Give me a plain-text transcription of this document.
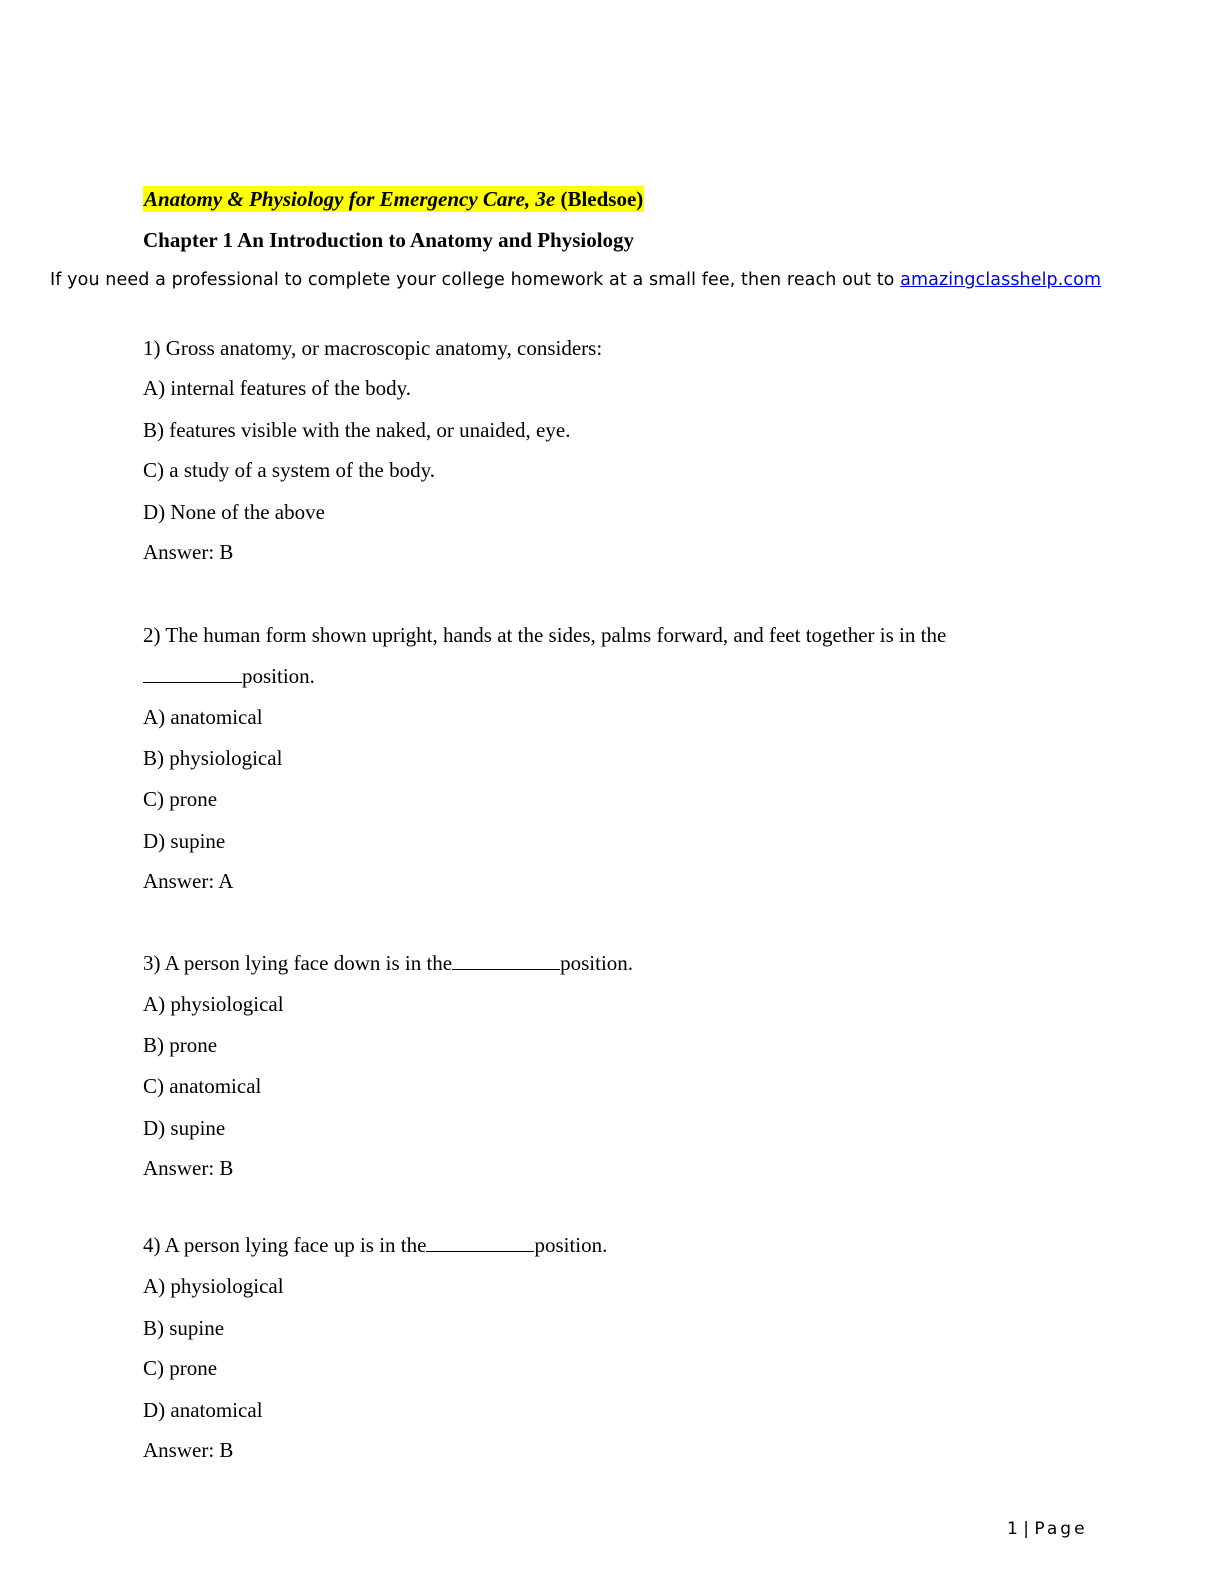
Anatomy & Physiology for Emergency Care, 3e (Bledsoe)
Chapter 1 An Introduction to Anatomy and Physiology
If you need a professional to complete your college homework at a small fee, then reach out to amazingclasshelp.com
1) Gross anatomy, or macroscopic anatomy, considers:
A) internal features of the body.
B) features visible with the naked, or unaided, eye.
C) a study of a system of the body.
D) None of the above
Answer: B
2) The human form shown upright, hands at the sides, palms forward, and feet together is in the
position.
A) anatomical
B) physiological
C) prone
D) supine
Answer: A
3) A person lying face down is in the	position.
A) physiological
B) prone
C) anatomical
D) supine
Answer: B
4) A person lying face up is in the	position.
A) physiological
B) supine
C) prone
D) anatomical
Answer: B
1 | Page
